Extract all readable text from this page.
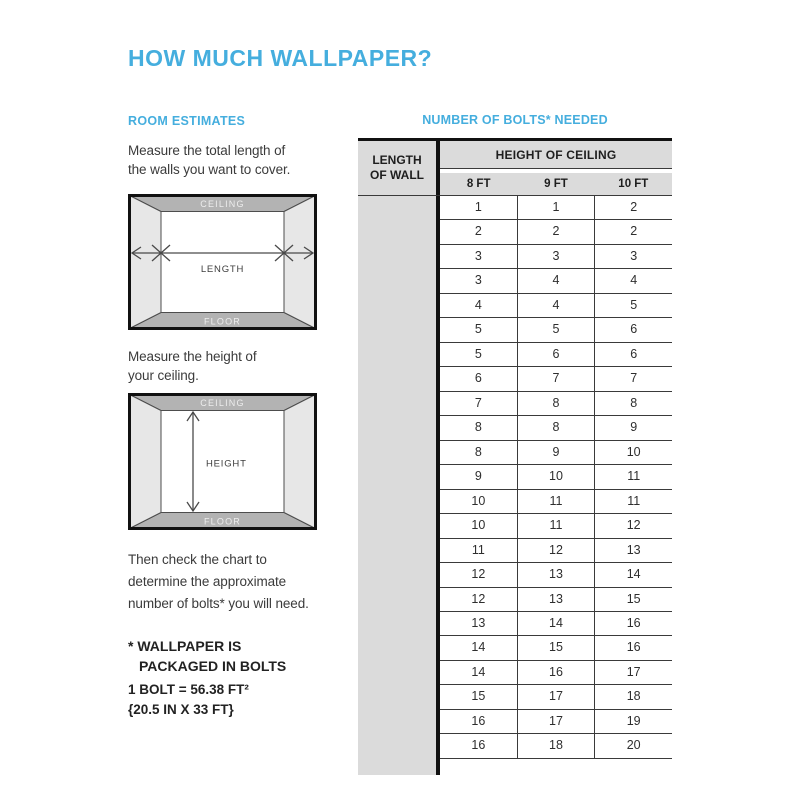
HOW MUCH WALLPAPER?
ROOM ESTIMATES
Measure the total length of
the walls you want to cover.
CEILING
FLOOR
LENGTH
Measure the height of
your ceiling.
CEILING
FLOOR
HEIGHT
Then check the chart to
determine the approximate
number of bolts* you will need.
* WALLPAPER IS
PACKAGED IN BOLTS
1 BOLT = 56.38 FT²
{20.5 IN X 33 FT}
NUMBER OF BOLTS* NEEDED
LENGTH
OF WALL
HEIGHT OF CEILING
8 FT	9 FT	10 FT
1	1	2
2	2	2
3	3	3
3	4	4
4	4	5
5	5	6
5	6	6
6	7	7
7	8	8
8	8	9
8	9	10
9	10	11
10	11	11
10	11	12
11	12	13
12	13	14
12	13	15
13	14	16
14	15	16
14	16	17
15	17	18
16	17	19
16	18	20
